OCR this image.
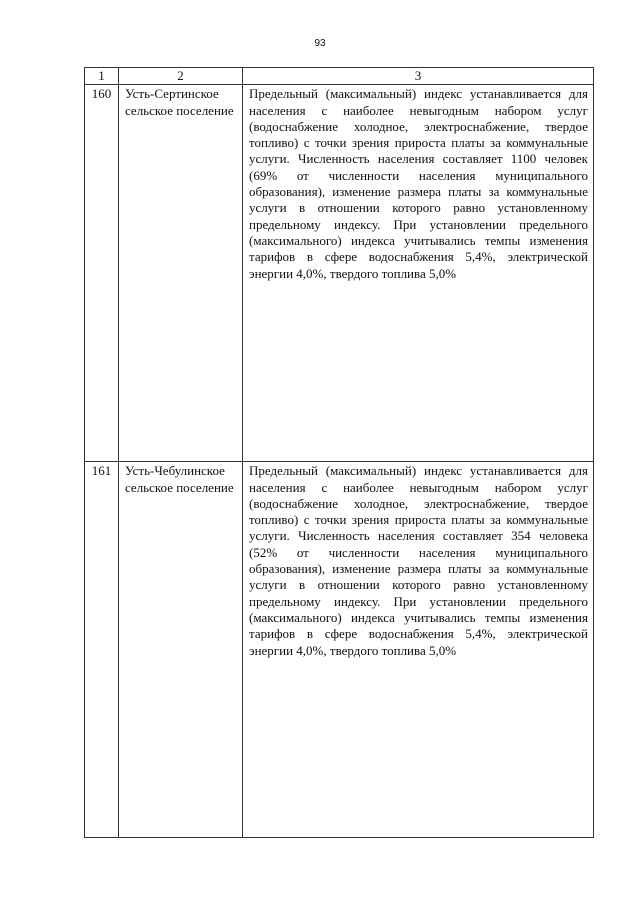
93
1	2	3
160	Усть-Сертинское сельское поселение	Предельный (максимальный) индекс устанавливается для населения с наиболее невыгодным набором услуг (водоснабжение холодное, электроснабжение, твердое топливо) с точки зрения прироста платы за коммунальные услуги. Численность населения составляет 1100 человек (69% от численности населения муниципального образования), изменение размера платы за коммунальные услуги в отношении которого равно установленному предельному индексу. При установлении предельного (максимального) индекса учитывались темпы изменения тарифов в сфере водоснабжения 5,4%, электрической энергии 4,0%, твердого топлива 5,0%

161	Усть-Чебулинское сельское поселение	Предельный (максимальный) индекс устанавливается для населения с наиболее невыгодным набором услуг (водоснабжение холодное, электроснабжение, твердое топливо) с точки зрения прироста платы за коммунальные услуги. Численность населения составляет 354 человека (52% от численности населения муниципального образования), изменение размера платы за коммунальные услуги в отношении которого равно установленному предельному индексу. При установлении предельного (максимального) индекса учитывались темпы изменения тарифов в сфере водоснабжения 5,4%, электрической энергии 4,0%, твердого топлива 5,0%
